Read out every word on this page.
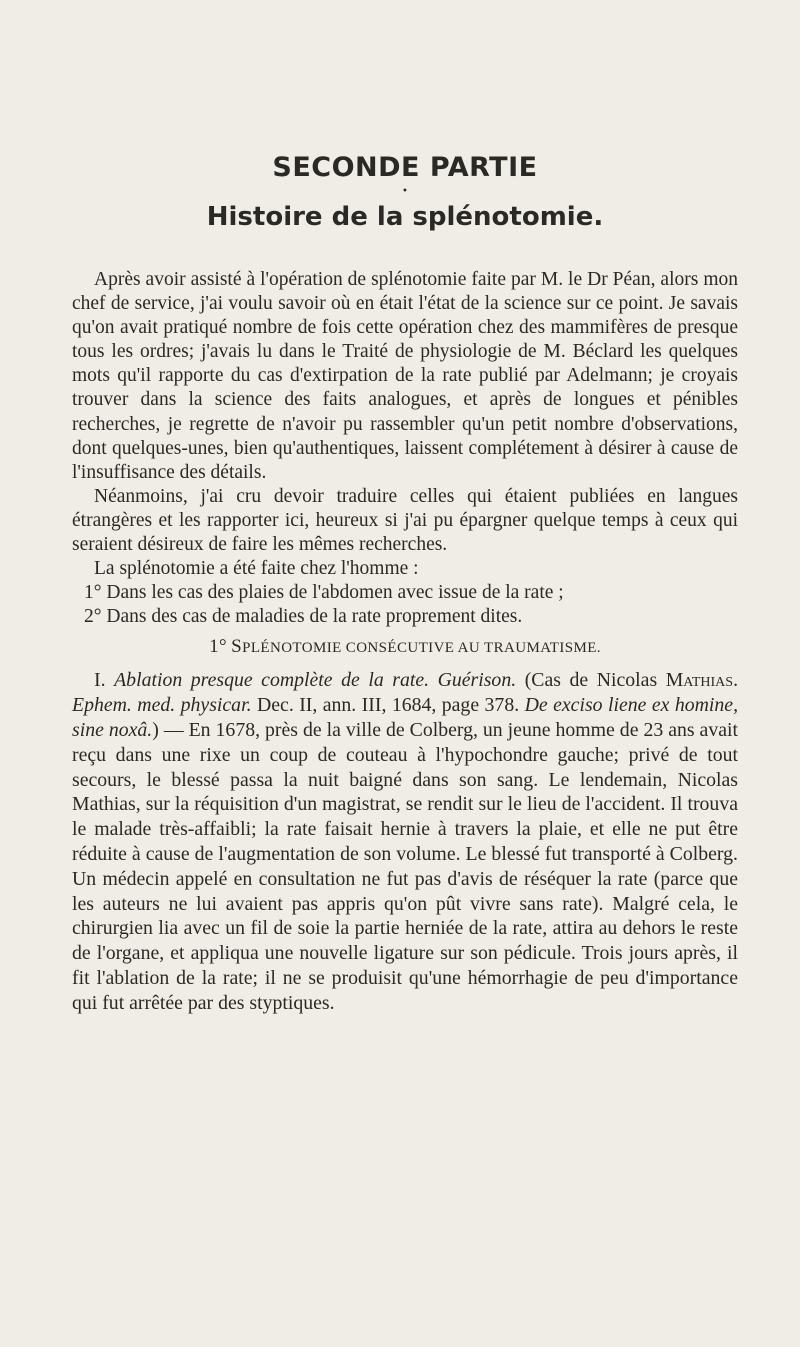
SECONDE PARTIE
•
Histoire de la splénotomie.

Après avoir assisté à l'opération de splénotomie faite par M. le Dr Péan, alors mon chef de service, j'ai voulu savoir où en était l'état de la science sur ce point. Je savais qu'on avait pratiqué nombre de fois cette opération chez des mammifères de presque tous les ordres; j'avais lu dans le Traité de physiologie de M. Béclard les quelques mots qu'il rapporte du cas d'extirpation de la rate publié par Adelmann; je croyais trouver dans la science des faits analogues, et après de longues et pénibles recherches, je regrette de n'avoir pu rassembler qu'un petit nombre d'observations, dont quelques-unes, bien qu'authentiques, laissent complétement à désirer à cause de l'insuffisance des détails.

Néanmoins, j'ai cru devoir traduire celles qui étaient publiées en langues étrangères et les rapporter ici, heureux si j'ai pu épargner quelque temps à ceux qui seraient désireux de faire les mêmes recherches.

La splénotomie a été faite chez l'homme :

1° Dans les cas des plaies de l'abdomen avec issue de la rate ;

2° Dans des cas de maladies de la rate proprement dites.

1° SPLÉNOTOMIE CONSÉCUTIVE AU TRAUMATISME.

I. Ablation presque complète de la rate. Guérison. (Cas de Nicolas Mathias. Ephem. med. physicar. Dec. II, ann. III, 1684, page 378. De exciso liene ex homine, sine noxâ.) — En 1678, près de la ville de Colberg, un jeune homme de 23 ans avait reçu dans une rixe un coup de couteau à l'hypochondre gauche; privé de tout secours, le blessé passa la nuit baigné dans son sang. Le lendemain, Nicolas Mathias, sur la réquisition d'un magistrat, se rendit sur le lieu de l'accident. Il trouva le malade très-affaibli; la rate faisait hernie à travers la plaie, et elle ne put être réduite à cause de l'augmentation de son volume. Le blessé fut transporté à Colberg. Un médecin appelé en consultation ne fut pas d'avis de réséquer la rate (parce que les auteurs ne lui avaient pas appris qu'on pût vivre sans rate). Malgré cela, le chirurgien lia avec un fil de soie la partie herniée de la rate, attira au dehors le reste de l'organe, et appliqua une nouvelle ligature sur son pédicule. Trois jours après, il fit l'ablation de la rate; il ne se produisit qu'une hémorrhagie de peu d'importance qui fut arrêtée par des styptiques.
